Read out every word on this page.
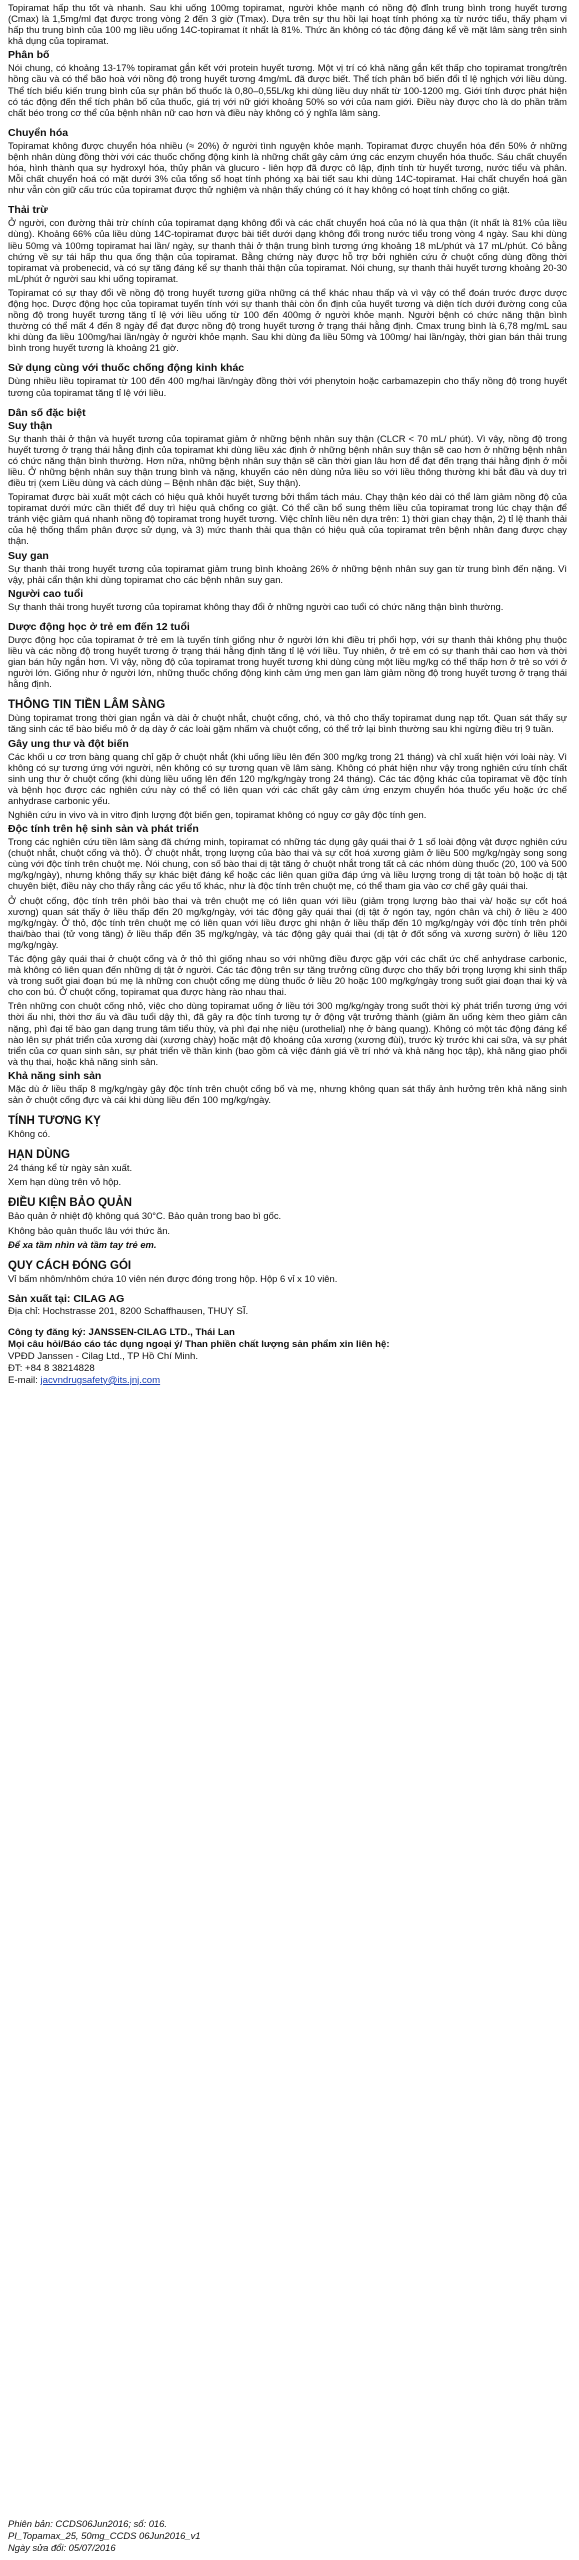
Topiramat hấp thu tốt và nhanh. Sau khi uống 100mg topiramat, người khỏe mạnh có nồng độ đỉnh trung bình trong huyết tương (Cmax) là 1,5mg/ml đạt được trong vòng 2 đến 3 giờ (Tmax). Dựa trên sự thu hồi lại hoạt tính phóng xạ từ nước tiểu, thấy phạm vi hấp thu trung bình của 100 mg liều uống 14C-topiramat ít nhất là 81%. Thức ăn không có tác động đáng kể về mặt lâm sàng trên sinh khả dụng của topiramat.

Phân bố

Nói chung, có khoảng 13-17% topiramat gắn kết với protein huyết tương. Một vị trí có khả năng gắn kết thấp cho topiramat trong/trên hồng cầu và có thể bão hoà với nồng độ trong huyết tương 4mg/mL đã được biết. Thể tích phân bố biến đổi tỉ lệ nghịch với liều dùng. Thể tích biểu kiến trung bình của sự phân bố thuốc là 0,80–0,55L/kg khi dùng liều duy nhất từ 100-1200 mg. Giới tính được phát hiện có tác động đến thể tích phân bố của thuốc, giá trị với nữ giới khoảng 50% so với của nam giới. Điều này được cho là do phần trăm chất béo trong cơ thể của bệnh nhân nữ cao hơn và điều này không có ý nghĩa lâm sàng.

Chuyển hóa

Topiramat không được chuyển hóa nhiều (≈ 20%) ở người tình nguyện khỏe mạnh. Topiramat được chuyển hóa đến 50% ở những bệnh nhân dùng đồng thời với các thuốc chống động kinh là những chất gây cảm ứng các enzym chuyển hóa thuốc. Sáu chất chuyển hóa, hình thành qua sự hydroxyl hóa, thủy phân và glucuro - liên hợp đã được cô lập, định tính từ huyết tương, nước tiểu và phân. Mỗi chất chuyển hoá có mặt dưới 3% của tổng số hoạt tính phóng xạ bài tiết sau khi dùng 14C-topiramat. Hai chất chuyển hoá gần như vẫn còn giữ cấu trúc của topiramat được thử nghiệm và nhận thấy chúng có ít hay không có hoạt tính chống co giật.

Thải trừ

Ở người, con đường thải trừ chính của topiramat dạng không đổi và các chất chuyển hoá của nó là qua thận (ít nhất là 81% của liều dùng). Khoảng 66% của liều dùng 14C-topiramat được bài tiết dưới dạng không đổi trong nước tiểu trong vòng 4 ngày. Sau khi dùng liều 50mg và 100mg topiramat hai lần/ ngày, sự thanh thải ở thận trung bình tương ứng khoảng 18 mL/phút và 17 mL/phút. Có bằng chứng về sự tái hấp thu qua ống thận của topiramat. Bằng chứng này được hỗ trợ bởi nghiên cứu ở chuột cống dùng đồng thời topiramat và probenecid, và có sự tăng đáng kể sự thanh thải thận của topiramat. Nói chung, sự thanh thải huyết tương khoảng 20-30 mL/phút ở người sau khi uống topiramat.

Topiramat có sự thay đổi về nồng độ trong huyết tương giữa những cá thể khác nhau thấp và vì vậy có thể đoán trước được dược động học. Dược động học của topiramat tuyến tính với sự thanh thải còn ổn định của huyết tương và diện tích dưới đường cong của nồng độ trong huyết tương tăng tỉ lệ với liều uống từ 100 đến 400mg ở người khỏe mạnh. Người bệnh có chức năng thận bình thường có thể mất 4 đến 8 ngày để đạt được nồng độ trong huyết tương ở trạng thái hằng định. Cmax trung bình là 6,78 mg/mL sau khi dùng đa liều 100mg/hai lần/ngày ở người khỏe mạnh. Sau khi dùng đa liều 50mg và 100mg/ hai lần/ngày, thời gian bán thải trung bình trong huyết tương là khoảng 21 giờ.

Sử dụng cùng với thuốc chống động kinh khác

Dùng nhiều liều topiramat từ 100 đến 400 mg/hai lần/ngày đồng thời với phenytoin hoặc carbamazepin cho thấy nồng độ trong huyết tương của topiramat tăng tỉ lệ với liều.

Dân số đặc biệt

Suy thận

Sự thanh thải ở thận và huyết tương của topiramat giảm ở những bệnh nhân suy thận (CLCR < 70 mL/ phút). Vì vậy, nồng độ trong huyết tương ở trạng thái hằng định của topiramat khi dùng liều xác định ở những bệnh nhân suy thận sẽ cao hơn ở những bệnh nhân có chức năng thận bình thường. Hơn nữa, những bệnh nhân suy thận sẽ cần thời gian lâu hơn để đạt đến trạng thái hằng định ở mỗi liều. Ở những bệnh nhân suy thận trung bình và nặng, khuyến cáo nên dùng nửa liều so với liều thông thường khi bắt đầu và duy trì điều trị (xem Liều dùng và cách dùng – Bệnh nhân đặc biệt, Suy thận).

Topiramat được bài xuất một cách có hiệu quả khỏi huyết tương bởi thẩm tách máu. Chạy thận kéo dài có thể làm giảm nồng độ của topiramat dưới mức cần thiết để duy trì hiệu quả chống co giật. Có thể cần bổ sung thêm liều của topiramat trong lúc chạy thận để tránh việc giảm quá nhanh nồng độ topiramat trong huyết tương. Việc chỉnh liều nên dựa trên: 1) thời gian chạy thận, 2) tỉ lệ thanh thải của hệ thống thẩm phân được sử dụng, và 3) mức thanh thải qua thận có hiệu quả của topiramat trên bệnh nhân đang được chạy thận.

Suy gan

Sự thanh thải trong huyết tương của topiramat giảm trung bình khoảng 26% ở những bệnh nhân suy gan từ trung bình đến nặng. Vì vậy, phải cẩn thận khi dùng topiramat cho các bệnh nhân suy gan.

Người cao tuổi

Sự thanh thải trong huyết tương của topiramat không thay đổi ở những người cao tuổi có chức năng thận bình thường.

Dược động học ở trẻ em đến 12 tuổi

Dược động học của topiramat ở trẻ em là tuyến tính giống như ở người lớn khi điều trị phối hợp, với sự thanh thải không phụ thuộc liều và các nồng độ trong huyết tương ở trạng thái hằng định tăng tỉ lệ với liều. Tuy nhiên, ở trẻ em có sự thanh thải cao hơn và thời gian bán hủy ngắn hơn. Vì vậy, nồng độ của topiramat trong huyết tương khi dùng cùng một liều mg/kg có thể thấp hơn ở trẻ so với ở người lớn. Giống như ở người lớn, những thuốc chống động kinh cảm ứng men gan làm giảm nồng độ trong huyết tương ở trạng thái hằng định.

THÔNG TIN TIỀN LÂM SÀNG

Dùng topiramat trong thời gian ngắn và dài ở chuột nhắt, chuột cống, chó, và thỏ cho thấy topiramat dung nạp tốt. Quan sát thấy sự tăng sinh các tế bào biểu mô ở dạ dày ở các loài gặm nhấm và chuột cống, có thể trở lại bình thường sau khi ngừng điều trị 9 tuần.

Gây ung thư và đột biến

Các khối u cơ trơn bàng quang chỉ gặp ở chuột nhắt (khi uống liều lên đến 300 mg/kg trong 21 tháng) và chỉ xuất hiện với loài này. Vì không có sự tương ứng với người, nên không có sự tương quan về lâm sàng. Không có phát hiện như vậy trong nghiên cứu tính chất sinh ung thư ở chuột cống (khi dùng liều uống lên đến 120 mg/kg/ngày trong 24 tháng). Các tác động khác của topiramat về độc tính và bệnh học được các nghiên cứu này có thể có liên quan với các chất gây cảm ứng enzym chuyển hóa thuốc yếu hoặc ức chế anhydrase carbonic yếu.

Nghiên cứu in vivo và in vitro định lượng đột biến gen, topiramat không có nguy cơ gây độc tính gen.

Độc tính trên hệ sinh sản và phát triển

Trong các nghiên cứu tiền lâm sàng đã chứng minh, topiramat có những tác dụng gây quái thai ở 1 số loài động vật được nghiên cứu (chuột nhắt, chuột cống và thỏ). Ở chuột nhắt, trọng lượng của bào thai và sự cốt hoá xương giảm ở liều 500 mg/kg/ngày song song cùng với độc tính trên chuột mẹ. Nói chung, con số bào thai dị tật tăng ở chuột nhắt trong tất cả các nhóm dùng thuốc (20, 100 và 500 mg/kg/ngày), nhưng không thấy sự khác biệt đáng kể hoặc các liên quan giữa đáp ứng và liều lượng trong dị tật toàn bộ hoặc dị tật chuyên biệt, điều này cho thấy rằng các yếu tố khác, như là độc tính trên chuột mẹ, có thể tham gia vào cơ chế gây quái thai.

Ở chuột cống, độc tính trên phôi bào thai và trên chuột mẹ có liên quan với liều (giảm trọng lượng bào thai và/ hoặc sự cốt hoá xương) quan sát thấy ở liều thấp đến 20 mg/kg/ngày, với tác động gây quái thai (dị tật ở ngón tay, ngón chân và chi) ở liều ≥ 400 mg/kg/ngày. Ở thỏ, độc tính trên chuột mẹ có liên quan với liều được ghi nhận ở liều thấp đến 10 mg/kg/ngày với độc tính trên phôi thai/bào thai (tử vong tăng) ở liều thấp đến 35 mg/kg/ngày, và tác động gây quái thai (dị tật ở đốt sống và xương sườn) ở liều 120 mg/kg/ngày.

Tác động gây quái thai ở chuột cống và ở thỏ thì giống nhau so với những điều được gặp với các chất ức chế anhydrase carbonic, mà không có liên quan đến những dị tật ở người. Các tác động trên sự tăng trưởng cũng được cho thấy bởi trọng lượng khi sinh thấp và trong suốt giai đoạn bú mẹ là những con chuột cống mẹ dùng thuốc ở liều 20 hoặc 100 mg/kg/ngày trong suốt giai đoạn thai kỳ và cho con bú. Ở chuột cống, topiramat qua được hàng rào nhau thai.

Trên những con chuột cống nhỏ, việc cho dùng topiramat uống ở liều tới 300 mg/kg/ngày trong suốt thời kỳ phát triển tương ứng với thời ấu nhi, thời thơ ấu và đầu tuổi dậy thì, đã gây ra độc tính tương tự ở động vật trưởng thành (giảm ăn uống kèm theo giảm cân nặng, phì đại tế bào gan dạng trung tâm tiểu thùy, và phì đại nhẹ niệu (urothelial) nhẹ ở bàng quang). Không có một tác động đáng kể nào lên sự phát triển của xương dài (xương chày) hoặc mật độ khoáng của xương (xương đùi), trước kỳ trước khi cai sữa, và sự phát triển của cơ quan sinh sản, sự phát triển về thần kinh (bao gồm cả việc đánh giá về trí nhớ và khả năng học tập), khả năng giao phối và thụ thai, hoặc khả năng sinh sản.

Khả năng sinh sản

Mặc dù ở liều thấp 8 mg/kg/ngày gây độc tính trên chuột cống bố và mẹ, nhưng không quan sát thấy ảnh hưởng trên khả năng sinh sản ở chuột cống đực và cái khi dùng liều đến 100 mg/kg/ngày.

TÍNH TƯƠNG KỴ

Không có.

HẠN DÙNG

24 tháng kể từ ngày sản xuất.

Xem hạn dùng trên vỏ hộp.

ĐIỀU KIỆN BẢO QUẢN

Bảo quản ở nhiệt độ không quá 30°C. Bảo quản trong bao bì gốc.

Không bảo quản thuốc lâu với thức ăn.

Để xa tầm nhìn và tầm tay trẻ em.

QUY CÁCH ĐÓNG GÓI

Vỉ bấm nhôm/nhôm chứa 10 viên nén được đóng trong hộp. Hộp 6 vỉ x 10 viên.

Sản xuất tại: CILAG AG

Địa chỉ: Hochstrasse 201, 8200 Schaffhausen, THUỴ SĨ.

Công ty đăng ký: JANSSEN-CILAG LTD., Thái Lan

Mọi câu hỏi/Báo cáo tác dụng ngoại ý/ Than phiền chất lượng sản phẩm xin liên hệ:

VPĐD Janssen - Cilag Ltd., TP Hồ Chí Minh.

ĐT: +84 8 38214828

E-mail: jacvndrugsafety@its.jnj.com

Phiên bản: CCDS06Jun2016; số: 016.

PI_Topamax_25, 50mg_CCDS 06Jun2016_v1

Ngày sửa đổi: 05/07/2016
